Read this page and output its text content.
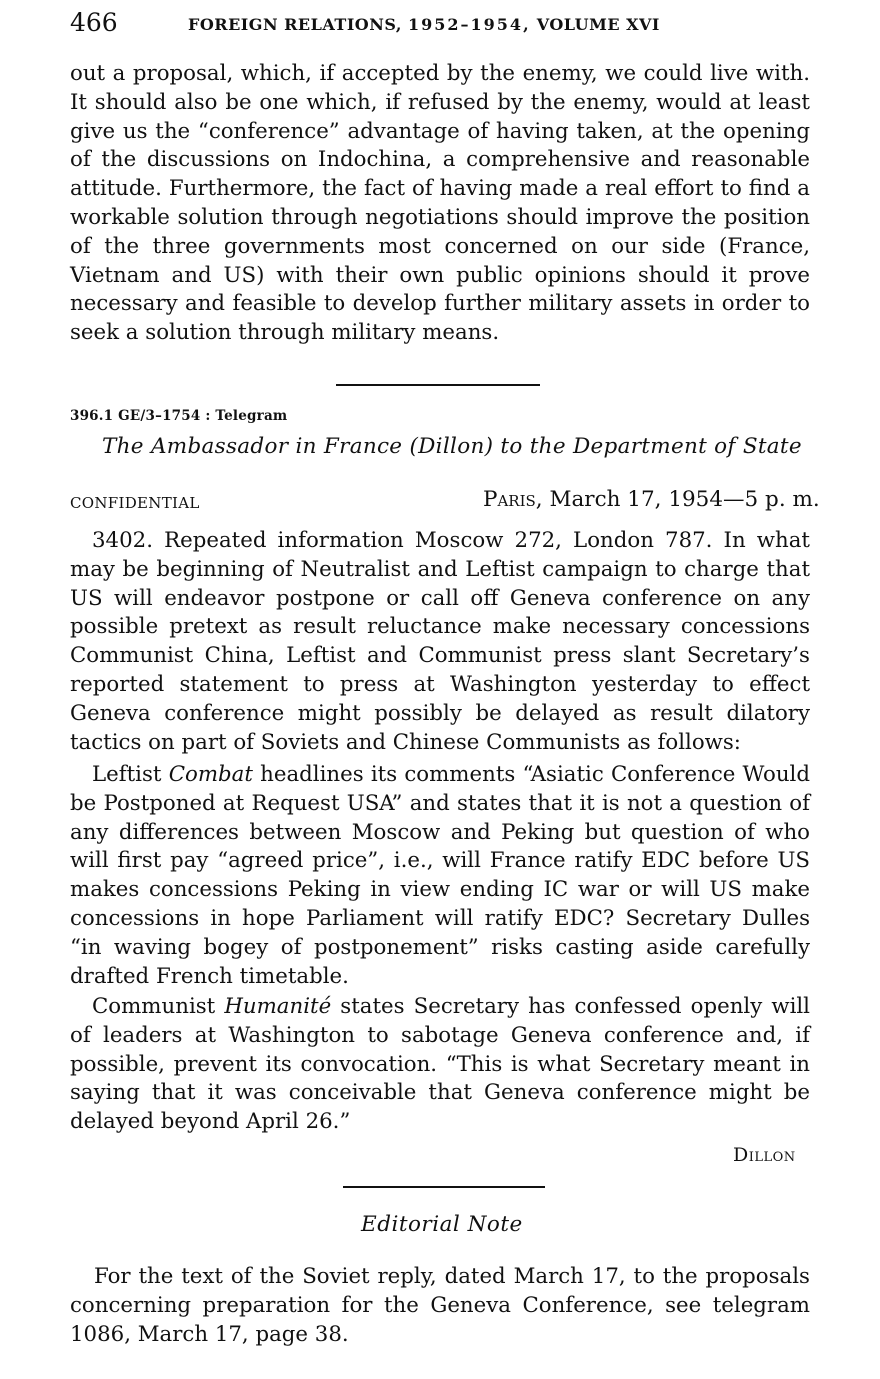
466	FOREIGN RELATIONS, 1952–1954, VOLUME XVI

out a proposal, which, if accepted by the enemy, we could live with. It should also be one which, if refused by the enemy, would at least give us the “conference” advantage of having taken, at the opening of the discussions on Indochina, a comprehensive and reasonable attitude. Furthermore, the fact of having made a real effort to find a workable solution through negotiations should improve the position of the three governments most concerned on our side (France, Vietnam and US) with their own public opinions should it prove necessary and feasible to develop further military assets in order to seek a solution through military means.

396.1 GE/3–1754 : Telegram
The Ambassador in France (Dillon) to the Department of State
CONFIDENTIAL	Paris, March 17, 1954—5 p. m.

3402. Repeated information Moscow 272, London 787. In what may be beginning of Neutralist and Leftist campaign to charge that US will endeavor postpone or call off Geneva conference on any possible pretext as result reluctance make necessary concessions Communist China, Leftist and Communist press slant Secretary’s reported statement to press at Washington yesterday to effect Geneva conference might possibly be delayed as result dilatory tactics on part of Soviets and Chinese Communists as follows:

Leftist Combat headlines its comments “Asiatic Conference Would be Postponed at Request USA” and states that it is not a question of any differences between Moscow and Peking but question of who will first pay “agreed price”, i.e., will France ratify EDC before US makes concessions Peking in view ending IC war or will US make concessions in hope Parliament will ratify EDC? Secretary Dulles “in waving bogey of postponement” risks casting aside carefully drafted French timetable.

Communist Humanité states Secretary has confessed openly will of leaders at Washington to sabotage Geneva conference and, if possible, prevent its convocation. “This is what Secretary meant in saying that it was conceivable that Geneva conference might be delayed beyond April 26.”

Dillon
Editorial Note

For the text of the Soviet reply, dated March 17, to the proposals concerning preparation for the Geneva Conference, see telegram 1086, March 17, page 38.
